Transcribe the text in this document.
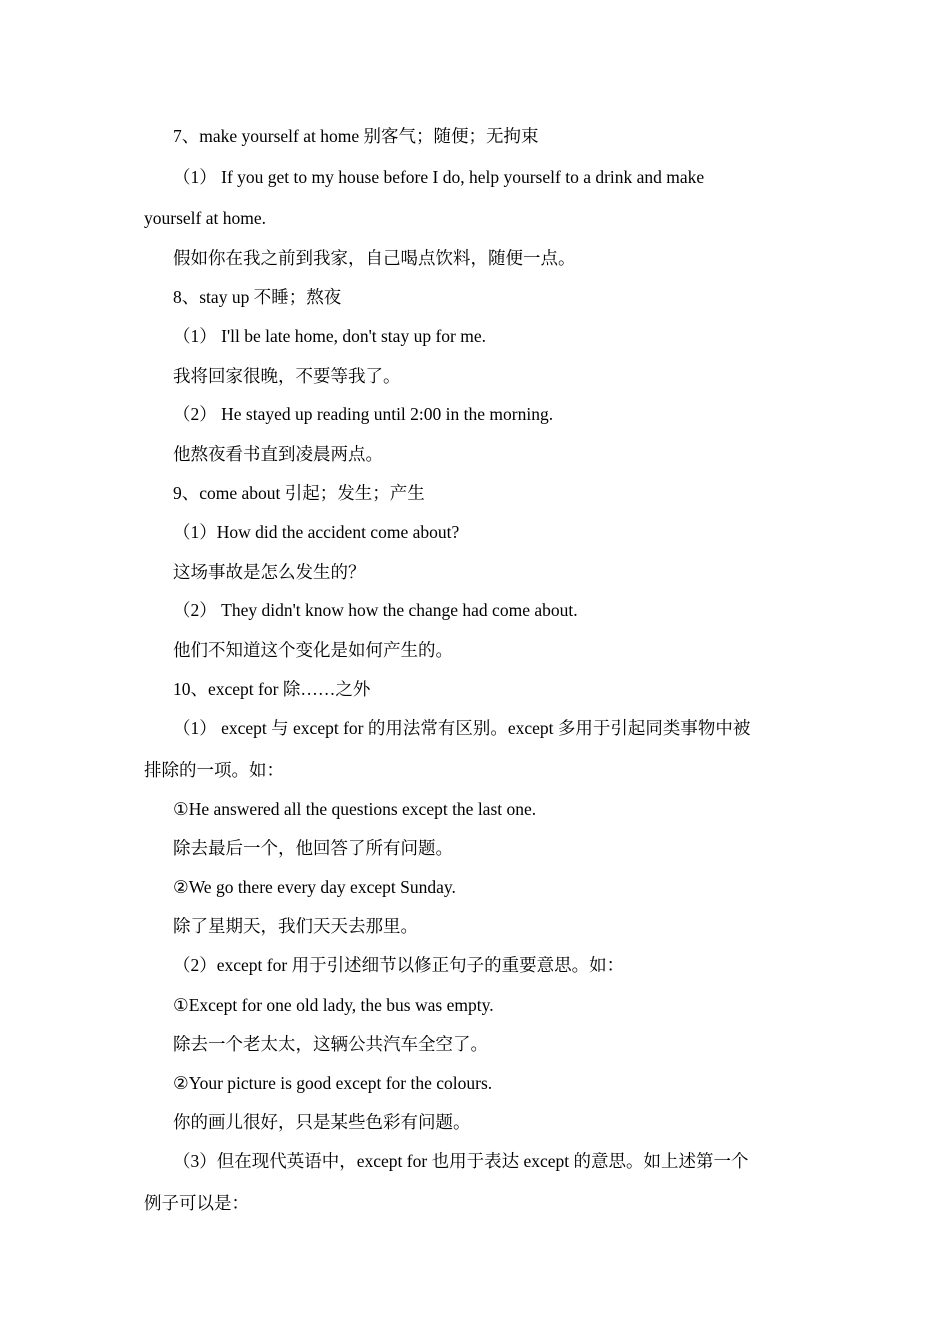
7、make yourself at home 别客气；随便；无拘束
（1） If you get to my house before I do, help yourself to a drink and make
yourself at home.
假如你在我之前到我家，自己喝点饮料，随便一点。
8、stay up 不睡；熬夜
（1） I'll be late home, don't stay up for me.
我将回家很晚，不要等我了。
（2） He stayed up reading until 2:00 in the morning.
他熬夜看书直到凌晨两点。
9、come about 引起；发生；产生
（1）How did the accident come about?
这场事故是怎么发生的？
（2） They didn't know how the change had come about.
他们不知道这个变化是如何产生的。
10、except for 除……之外
（1） except 与 except for 的用法常有区别。except 多用于引起同类事物中被
排除的一项。如：
①He answered all the questions except the last one.
除去最后一个，他回答了所有问题。
②We go there every day except Sunday.
除了星期天，我们天天去那里。
（2）except for 用于引述细节以修正句子的重要意思。如：
①Except for one old lady, the bus was empty.
除去一个老太太，这辆公共汽车全空了。
②Your picture is good except for the colours.
你的画儿很好，只是某些色彩有问题。
（3）但在现代英语中，except for 也用于表达 except 的意思。如上述第一个
例子可以是：
